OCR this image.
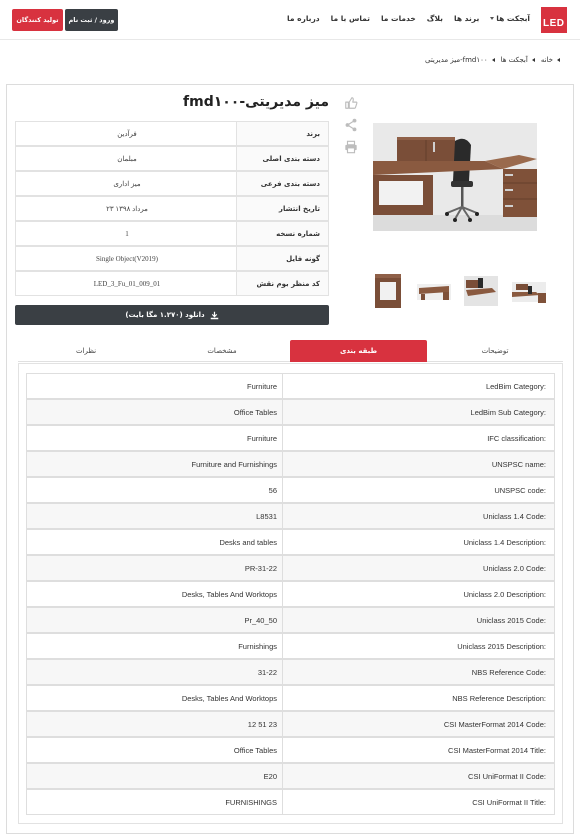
LED
آبجکت ها
برند ها
بلاگ
خدمات ما
تماس با ما
درباره ما
ورود / ثبت نام
تولید کنندگان
خانه
آبجکت ها
میز مدیریتی-fmd۱۰۰
میز مدیریتی-fmd۱۰۰
برند
فرآدین
دسته بندی اصلی
مبلمان
دسته بندی فرعی
میز اداری
تاریخ انتشار
۲۳ مرداد ۱۳۹۸
شماره نسخه
1
گونه فایل
Single Object(V2019)
کد منظر بوم نقش
LED_3_Fu_01_009_01
دانلود (۱.۲۷۰ مگا بایت)
توضیحات
طبقه بندی
مشخصات
نظرات
LedBim Category:
Furniture
LedBim Sub Category:
Office Tables
IFC classification:
Furniture
UNSPSC name:
Furniture and Furnishings
UNSPSC code:
56
Uniclass 1.4 Code:
L8531
Uniclass 1.4 Description:
Desks and tables
Uniclass 2.0 Code:
PR-31-22
Uniclass 2.0 Description:
Desks, Tables And Worktops
Uniclass 2015 Code:
Pr_40_50
Uniclass 2015 Description:
Furnishings
NBS Reference Code:
31-22
NBS Reference Description:
Desks, Tables And Worktops
CSI MasterFormat 2014 Code:
12 51 23
CSI MasterFormat 2014 Title:
Office Tables
CSI UniFormat II Code:
E20
CSI UniFormat II Title:
FURNISHINGS
